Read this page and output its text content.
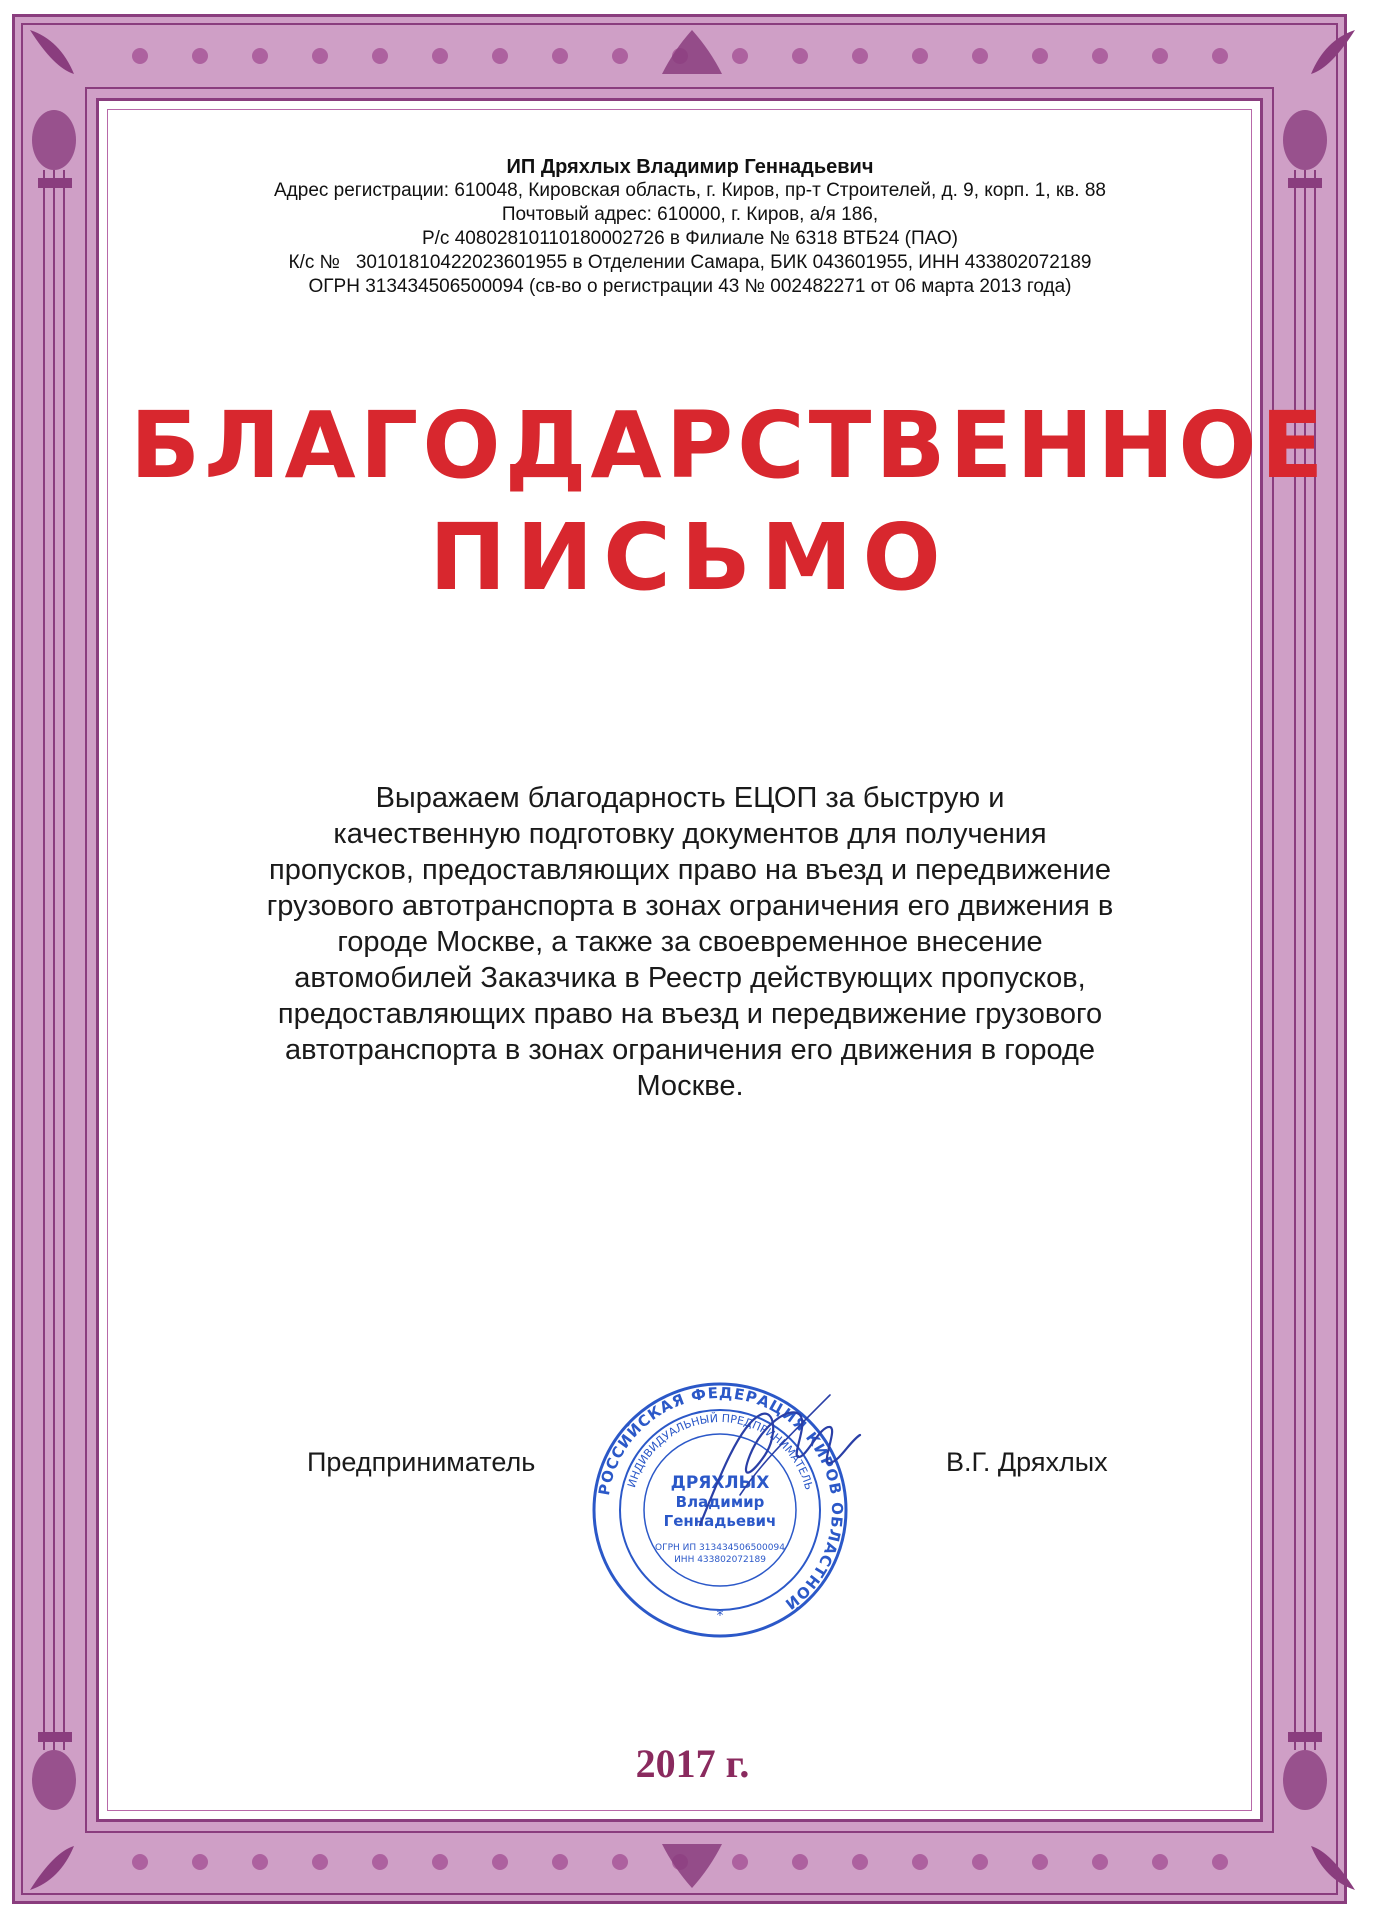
ИП Дряхлых Владимир Геннадьевич
Адрес регистрации: 610048, Кировская область, г. Киров, пр-т Строителей, д. 9, корп. 1, кв. 88
Почтовый адрес: 610000, г. Киров, а/я 186,
Р/с 40802810110180002726 в Филиале № 6318 ВТБ24 (ПАО)
К/с №   30101810422023601955 в Отделении Самара, БИК 043601955, ИНН 433802072189
ОГРН 313434506500094 (св-во о регистрации 43 № 002482271 от 06 марта 2013 года)
БЛАГОДАРСТВЕННОЕ
ПИСЬМО
Выражаем благодарность ЕЦОП за быструю и
качественную подготовку документов для получения
пропусков, предоставляющих право на въезд и передвижение
грузового автотранспорта в зонах ограничения его движения в
городе Москве, а также за своевременное внесение
автомобилей Заказчика в Реестр действующих пропусков,
предоставляющих право на въезд и передвижение грузового
автотранспорта в зонах ограничения его движения в городе
Москве.
Предприниматель	В.Г. Дряхлых
РОССИЙСКАЯ ФЕДЕРАЦИЯ КИРОВ ОБЛАСТНОЙ
ИНДИВИДУАЛЬНЫЙ ПРЕДПРИНИМАТЕЛЬ
ДРЯХЛЫХ
Владимир
Геннадьевич
ОГРН ИП 313434506500094
ИНН 433802072189
*
2017 г.
